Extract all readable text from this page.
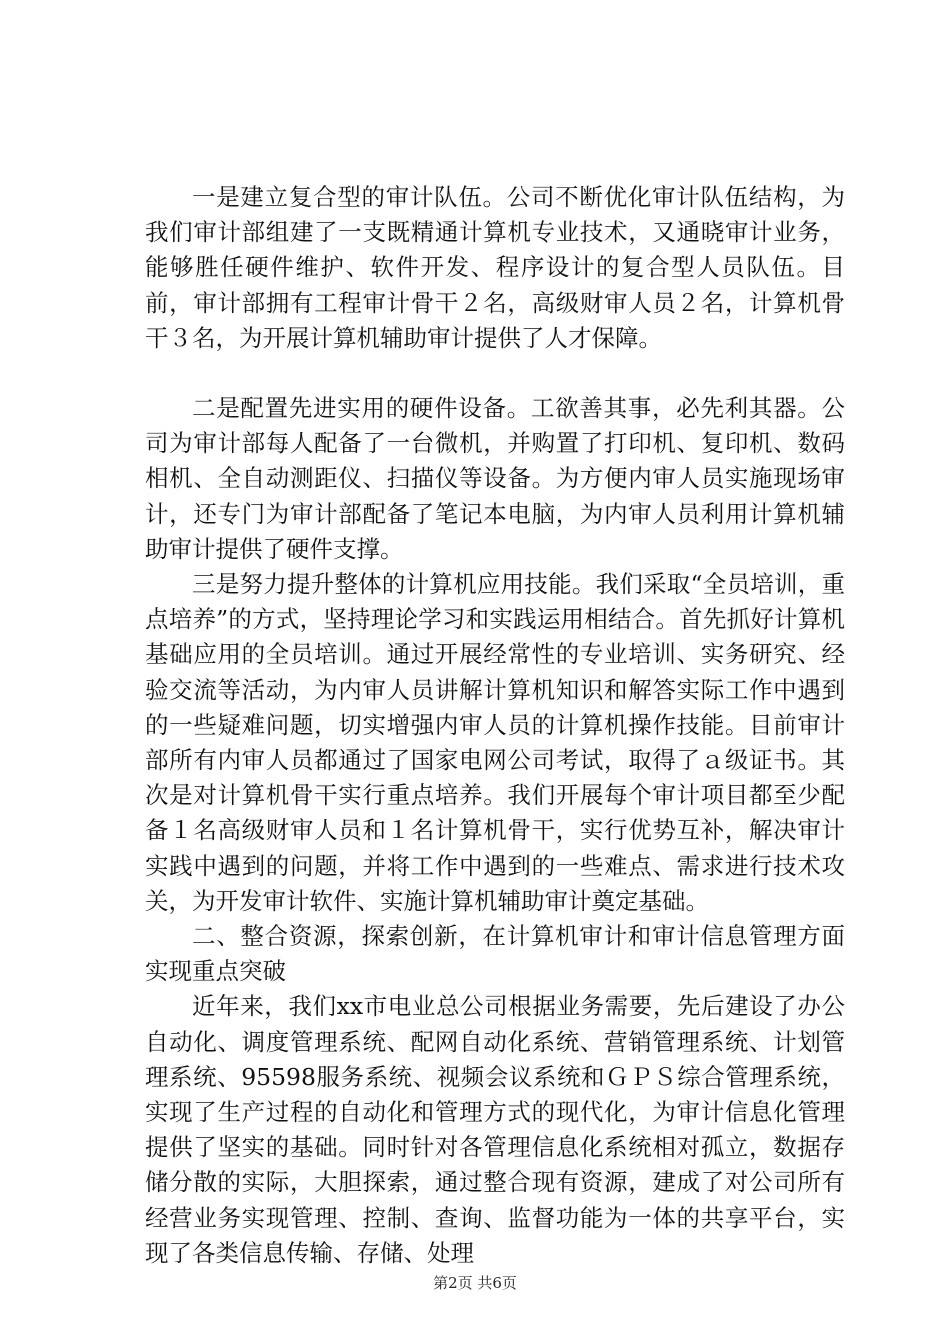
一是建立复合型的审计队伍。公司不断优化审计队伍结构，为我们审计部组建了一支既精通计算机专业技术，又通晓审计业务，能够胜任硬件维护、软件开发、程序设计的复合型人员队伍。目前，审计部拥有工程审计骨干２名，高级财审人员２名，计算机骨干３名，为开展计算机辅助审计提供了人才保障。

二是配置先进实用的硬件设备。工欲善其事，必先利其器。公司为审计部每人配备了一台微机，并购置了打印机、复印机、数码相机、全自动测距仪、扫描仪等设备。为方便内审人员实施现场审计，还专门为审计部配备了笔记本电脑，为内审人员利用计算机辅助审计提供了硬件支撑。

三是努力提升整体的计算机应用技能。我们采取“全员培训，重点培养”的方式，坚持理论学习和实践运用相结合。首先抓好计算机基础应用的全员培训。通过开展经常性的专业培训、实务研究、经验交流等活动，为内审人员讲解计算机知识和解答实际工作中遇到的一些疑难问题，切实增强内审人员的计算机操作技能。目前审计部所有内审人员都通过了国家电网公司考试，取得了ａ级证书。其次是对计算机骨干实行重点培养。我们开展每个审计项目都至少配备１名高级财审人员和１名计算机骨干，实行优势互补，解决审计实践中遇到的问题，并将工作中遇到的一些难点、需求进行技术攻关，为开发审计软件、实施计算机辅助审计奠定基础。

二、整合资源，探索创新，在计算机审计和审计信息管理方面实现重点突破

近年来，我们xx市电业总公司根据业务需要，先后建设了办公自动化、调度管理系统、配网自动化系统、营销管理系统、计划管理系统、95598服务系统、视频会议系统和ＧＰＳ综合管理系统，实现了生产过程的自动化和管理方式的现代化，为审计信息化管理提供了坚实的基础。同时针对各管理信息化系统相对孤立，数据存储分散的实际，大胆探索，通过整合现有资源，建成了对公司所有经营业务实现管理、控制、查询、监督功能为一体的共享平台，实现了各类信息传输、存储、处理

第2页 共6页
